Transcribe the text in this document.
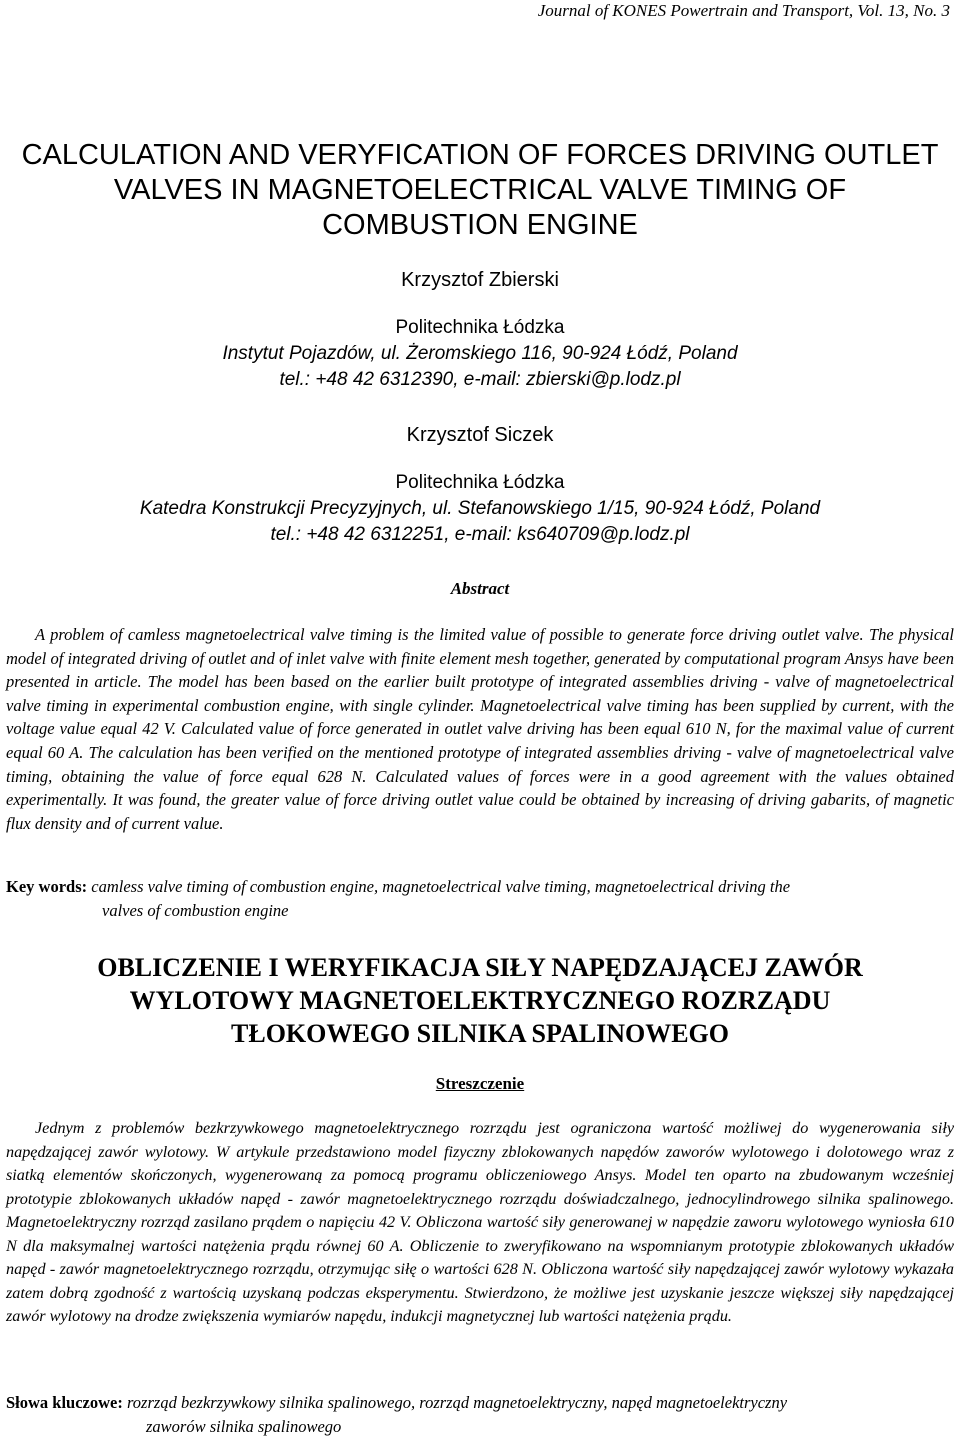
Journal of KONES Powertrain and Transport, Vol. 13, No. 3
CALCULATION AND VERYFICATION OF FORCES DRIVING OUTLET
VALVES IN MAGNETOELECTRICAL VALVE TIMING OF
COMBUSTION ENGINE
Krzysztof Zbierski
Politechnika Łódzka
Instytut Pojazdów, ul. Żeromskiego 116, 90-924 Łódź, Poland
tel.: +48 42 6312390, e-mail: zbierski@p.lodz.pl
Krzysztof Siczek
Politechnika Łódzka
Katedra Konstrukcji Precyzyjnych, ul. Stefanowskiego 1/15, 90-924 Łódź, Poland
tel.: +48 42 6312251, e-mail: ks640709@p.lodz.pl
Abstract
A problem of camless magnetoelectrical valve timing is the limited value of possible to generate force driving outlet valve. The physical model of integrated driving of outlet and of inlet valve with finite element mesh together, generated by computational program Ansys have been presented in article. The model has been based on the earlier built prototype of integrated assemblies driving - valve of magnetoelectrical valve timing in experimental combustion engine, with single cylinder. Magnetoelectrical valve timing has been supplied by current, with the voltage value equal 42 V. Calculated value of force generated in outlet valve driving has been equal 610 N, for the maximal value of current equal 60 A. The calculation has been verified on the mentioned prototype of integrated assemblies driving - valve of magnetoelectrical valve timing, obtaining the value of force equal 628 N. Calculated values of forces were in a good agreement with the values obtained experimentally. It was found, the greater value of force driving outlet value could be obtained by increasing of driving gabarits, of magnetic flux density and of current value.
Key words: camless valve timing of combustion engine, magnetoelectrical valve timing, magnetoelectrical driving the
valves of combustion engine
OBLICZENIE I WERYFIKACJA SIŁY NAPĘDZAJĄCEJ ZAWÓR
WYLOTOWY MAGNETOELEKTRYCZNEGO ROZRZĄDU
TŁOKOWEGO SILNIKA SPALINOWEGO
Streszczenie
Jednym z problemów bezkrzywkowego magnetoelektrycznego rozrządu jest ograniczona wartość możliwej do wygenerowania siły napędzającej zawór wylotowy. W artykule przedstawiono model fizyczny zblokowanych napędów zaworów wylotowego i dolotowego wraz z siatką elementów skończonych, wygenerowaną za pomocą programu obliczeniowego Ansys. Model ten oparto na zbudowanym wcześniej prototypie zblokowanych układów napęd - zawór magnetoelektrycznego rozrządu doświadczalnego, jednocylindrowego silnika spalinowego. Magnetoelektryczny rozrząd zasilano prądem o napięciu 42 V. Obliczona wartość siły generowanej w napędzie zaworu wylotowego wyniosła 610 N dla maksymalnej wartości natężenia prądu równej 60 A. Obliczenie to zweryfikowano na wspomnianym prototypie zblokowanych układów napęd - zawór magnetoelektrycznego rozrządu, otrzymując siłę o wartości 628 N. Obliczona wartość siły napędzającej zawór wylotowy wykazała zatem dobrą zgodność z wartością uzyskaną podczas eksperymentu. Stwierdzono, że możliwe jest uzyskanie jeszcze większej siły napędzającej zawór wylotowy na drodze zwiększenia wymiarów napędu, indukcji magnetycznej lub wartości natężenia prądu.
Słowa kluczowe: rozrząd bezkrzywkowy silnika spalinowego, rozrząd magnetoelektryczny, napęd magnetoelektryczny
zaworów silnika spalinowego
